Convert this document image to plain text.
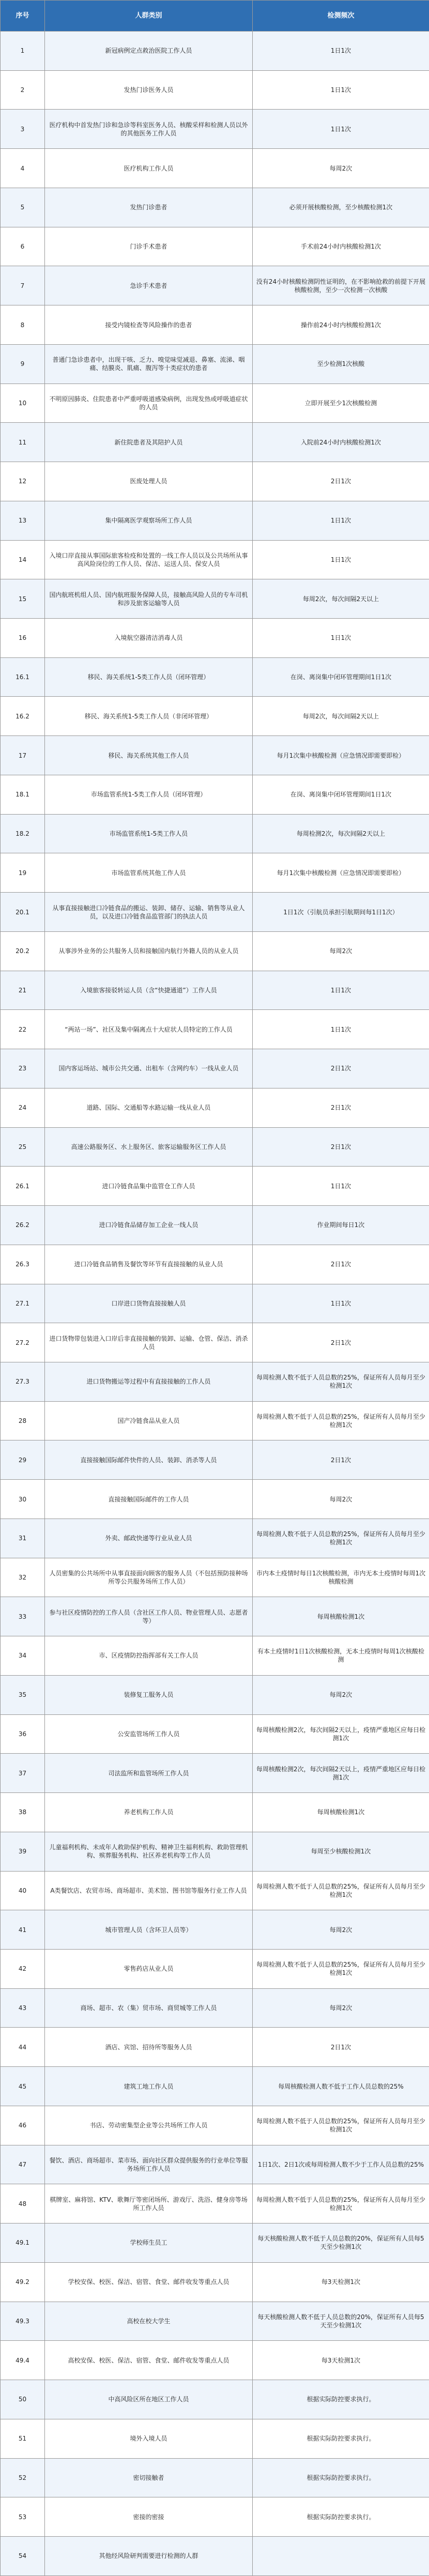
序号	人群类别	检测频次
1	新冠病例定点救治医院工作人员	1日1次
2	发热门诊医务人员	1日1次
3	医疗机构中首发热门诊和急诊等科室医务人员、核酸采样和检测人员以外的其他医务工作人员	1日1次
4	医疗机构工作人员	每周2次
5	发热门诊患者	必须开展核酸检测，至少核酸检测1次
6	门诊手术患者	手术前24小时内核酸检测1次
7	急诊手术患者	没有24小时核酸检测阴性证明的，在不影响抢救的前提下开展核酸检测，至少一次检测一次核酸
8	接受内镜检查等风险操作的患者	操作前24小时内核酸检测1次
9	普通门急诊患者中，出现干咳、乏力、嗅觉味觉减退、鼻塞、流涕、咽痛、结膜炎、肌痛、腹泻等十类症状的患者	至少检测1次核酸
10	不明原因肺炎、住院患者中严重呼吸道感染病例，出现发热或呼吸道症状的人员	立即开展至少1次核酸检测
11	新住院患者及其陪护人员	入院前24小时内核酸检测1次
12	医废处理人员	2日1次
13	集中隔离医学观察场所工作人员	1日1次
14	入境口岸直接从事国际旅客检疫和处置的一线工作人员以及公共场所从事高风险岗位的工作人员、保洁、运送人员、保安人员	1日1次
15	国内航班机组人员、国内航班服务保障人员，接触高风险人员的专车司机和涉及旅客运输等人员	每周2次，每次间隔2天以上
16	入境航空器清洁消毒人员	1日1次
16.1	移民、海关系统1-5类工作人员（闭环管理）	在岗、离岗集中闭环管理期间1日1次
16.2	移民、海关系统1-5类工作人员（非闭环管理）	每周2次，每次间隔2天以上
17	移民、海关系统其他工作人员	每月1次集中核酸检测（应急情况即需要即检）
18.1	市场监管系统1-5类工作人员（闭环管理）	在岗、离岗集中闭环管理期间1日1次
18.2	市场监管系统1-5类工作人员	每周检测2次，每次间隔2天以上
19	市场监管系统其他工作人员	每月1次集中核酸检测（应急情况即需要即检）
20.1	从事直接接触进口冷链食品的搬运、装卸、储存、运输、销售等从业人员，以及进口冷链食品监管部门的执法人员	1日1次（引航员承担引航期间每1日1次）
20.2	从事涉外业务的公共服务人员和接触国内航行外籍人员的从业人员	每周2次
21	入境旅客接驳转运人员（含“快捷通道”）工作人员	1日1次
22	“两站一场”、社区及集中隔离点十大症状人员特定的工作人员	1日1次
23	国内客运场站、城市公共交通、出租车（含网约车）一线从业人员	2日1次
24	道路、国际、交通船等水路运输一线从业人员	2日1次
25	高速公路服务区、水上服务区、旅客运输服务区工作人员	2日1次
26.1	进口冷链食品集中监管仓工作人员	1日1次
26.2	进口冷链食品储存加工企业一线人员	作业期间每日1次
26.3	进口冷链食品销售及餐饮等环节有直接接触的从业人员	2日1次
27.1	口岸进口货物直接接触人员	1日1次
27.2	进口货物带包装进入口岸后非直接接触的装卸、运输、仓管、保洁、消杀人员	2日1次
27.3	进口货物搬运等过程中有直接接触的工作人员	每周检测人数不低于人员总数的25%，保证所有人员每月至少检测1次
28	国产冷链食品从业人员	每周检测人数不低于人员总数的25%，保证所有人员每月至少检测1次
29	直接接触国际邮件快件的人员、装卸、消杀等人员	2日1次
30	直接接触国际邮件的工作人员	每周2次
31	外卖、邮政快递等行业从业人员	每周检测人数不低于人员总数的25%，保证所有人员每月至少检测1次
32	人员密集的公共场所中从事直接面向顾客的服务人员（不包括预防接种场所等公共服务场所工作人员）	市内本土疫情时每日1次核酸检测，市内无本土疫情时每周1次核酸检测
33	参与社区疫情防控的工作人员（含社区工作人员、物业管理人员、志愿者等）	每周核酸检测1次
34	市、区疫情防控指挥部有关工作人员	有本土疫情时1日1次核酸检测，无本土疫情时每周1次核酸检测
35	装修复工服务人员	每周2次
36	公安监管场所工作人员	每周核酸检测2次，每次间隔2天以上，疫情严重地区应每日检测1次
37	司法监所和监管场所工作人员	每周核酸检测2次，每次间隔2天以上，疫情严重地区应每日检测1次
38	养老机构工作人员	每周核酸检测1次
39	儿童福利机构、未成年人救助保护机构、精神卫生福利机构、救助管理机构、殡葬服务机构、社区养老机构等工作人员	每周至少核酸检测1次
40	A类餐饮店、农贸市场、商场超市、美术馆、图书馆等服务行业工作人员	每周检测人数不低于人员总数的25%，保证所有人员每月至少检测1次
41	城市管理人员（含环卫人员等）	每周2次
42	零售药店从业人员	每周检测人数不低于人员总数的25%，保证所有人员每月至少检测1次
43	商场、超市、农（集）贸市场、商贸城等工作人员	每周2次
44	酒店、宾馆、招待所等服务人员	2日1次
45	建筑工地工作人员	每周核酸检测人数不低于工作人员总数的25%
46	书店、劳动密集型企业等公共场所工作人员	每周检测人数不低于人员总数的25%，保证所有人员每月至少检测1次
47	餐饮、酒店、商场超市、菜市场、面向社区群众提供服务的行业单位等服务场所工作人员	1日1次、2日1次或每周检测人数不少于工作人员总数的25%
48	棋牌室、麻将馆、KTV、歌舞厅等密闭场所、游戏厅、洗浴、健身房等场所工作人员	每周检测人数不低于人员总数的25%，保证所有人员每月至少检测1次
49.1	学校师生员工	每天核酸检测人数不低于人员总数的20%，保证所有人员每5天至少检测1次
49.2	学校安保、校医、保洁、宿管、食堂、邮件收发等重点人员	每3天检测1次
49.3	高校在校大学生	每天核酸检测人数不低于人员总数的20%，保证所有人员每5天至少检测1次
49.4	高校安保、校医、保洁、宿管、食堂、邮件收发等重点人员	每3天检测1次
50	中高风险区所在地区工作人员	根据实际防控要求执行。
51	境外入境人员	根据实际防控要求执行。
52	密切接触者	根据实际防控要求执行。
53	密接的密接	根据实际防控要求执行。
54	其他经风险研判需要进行检测的人群	
